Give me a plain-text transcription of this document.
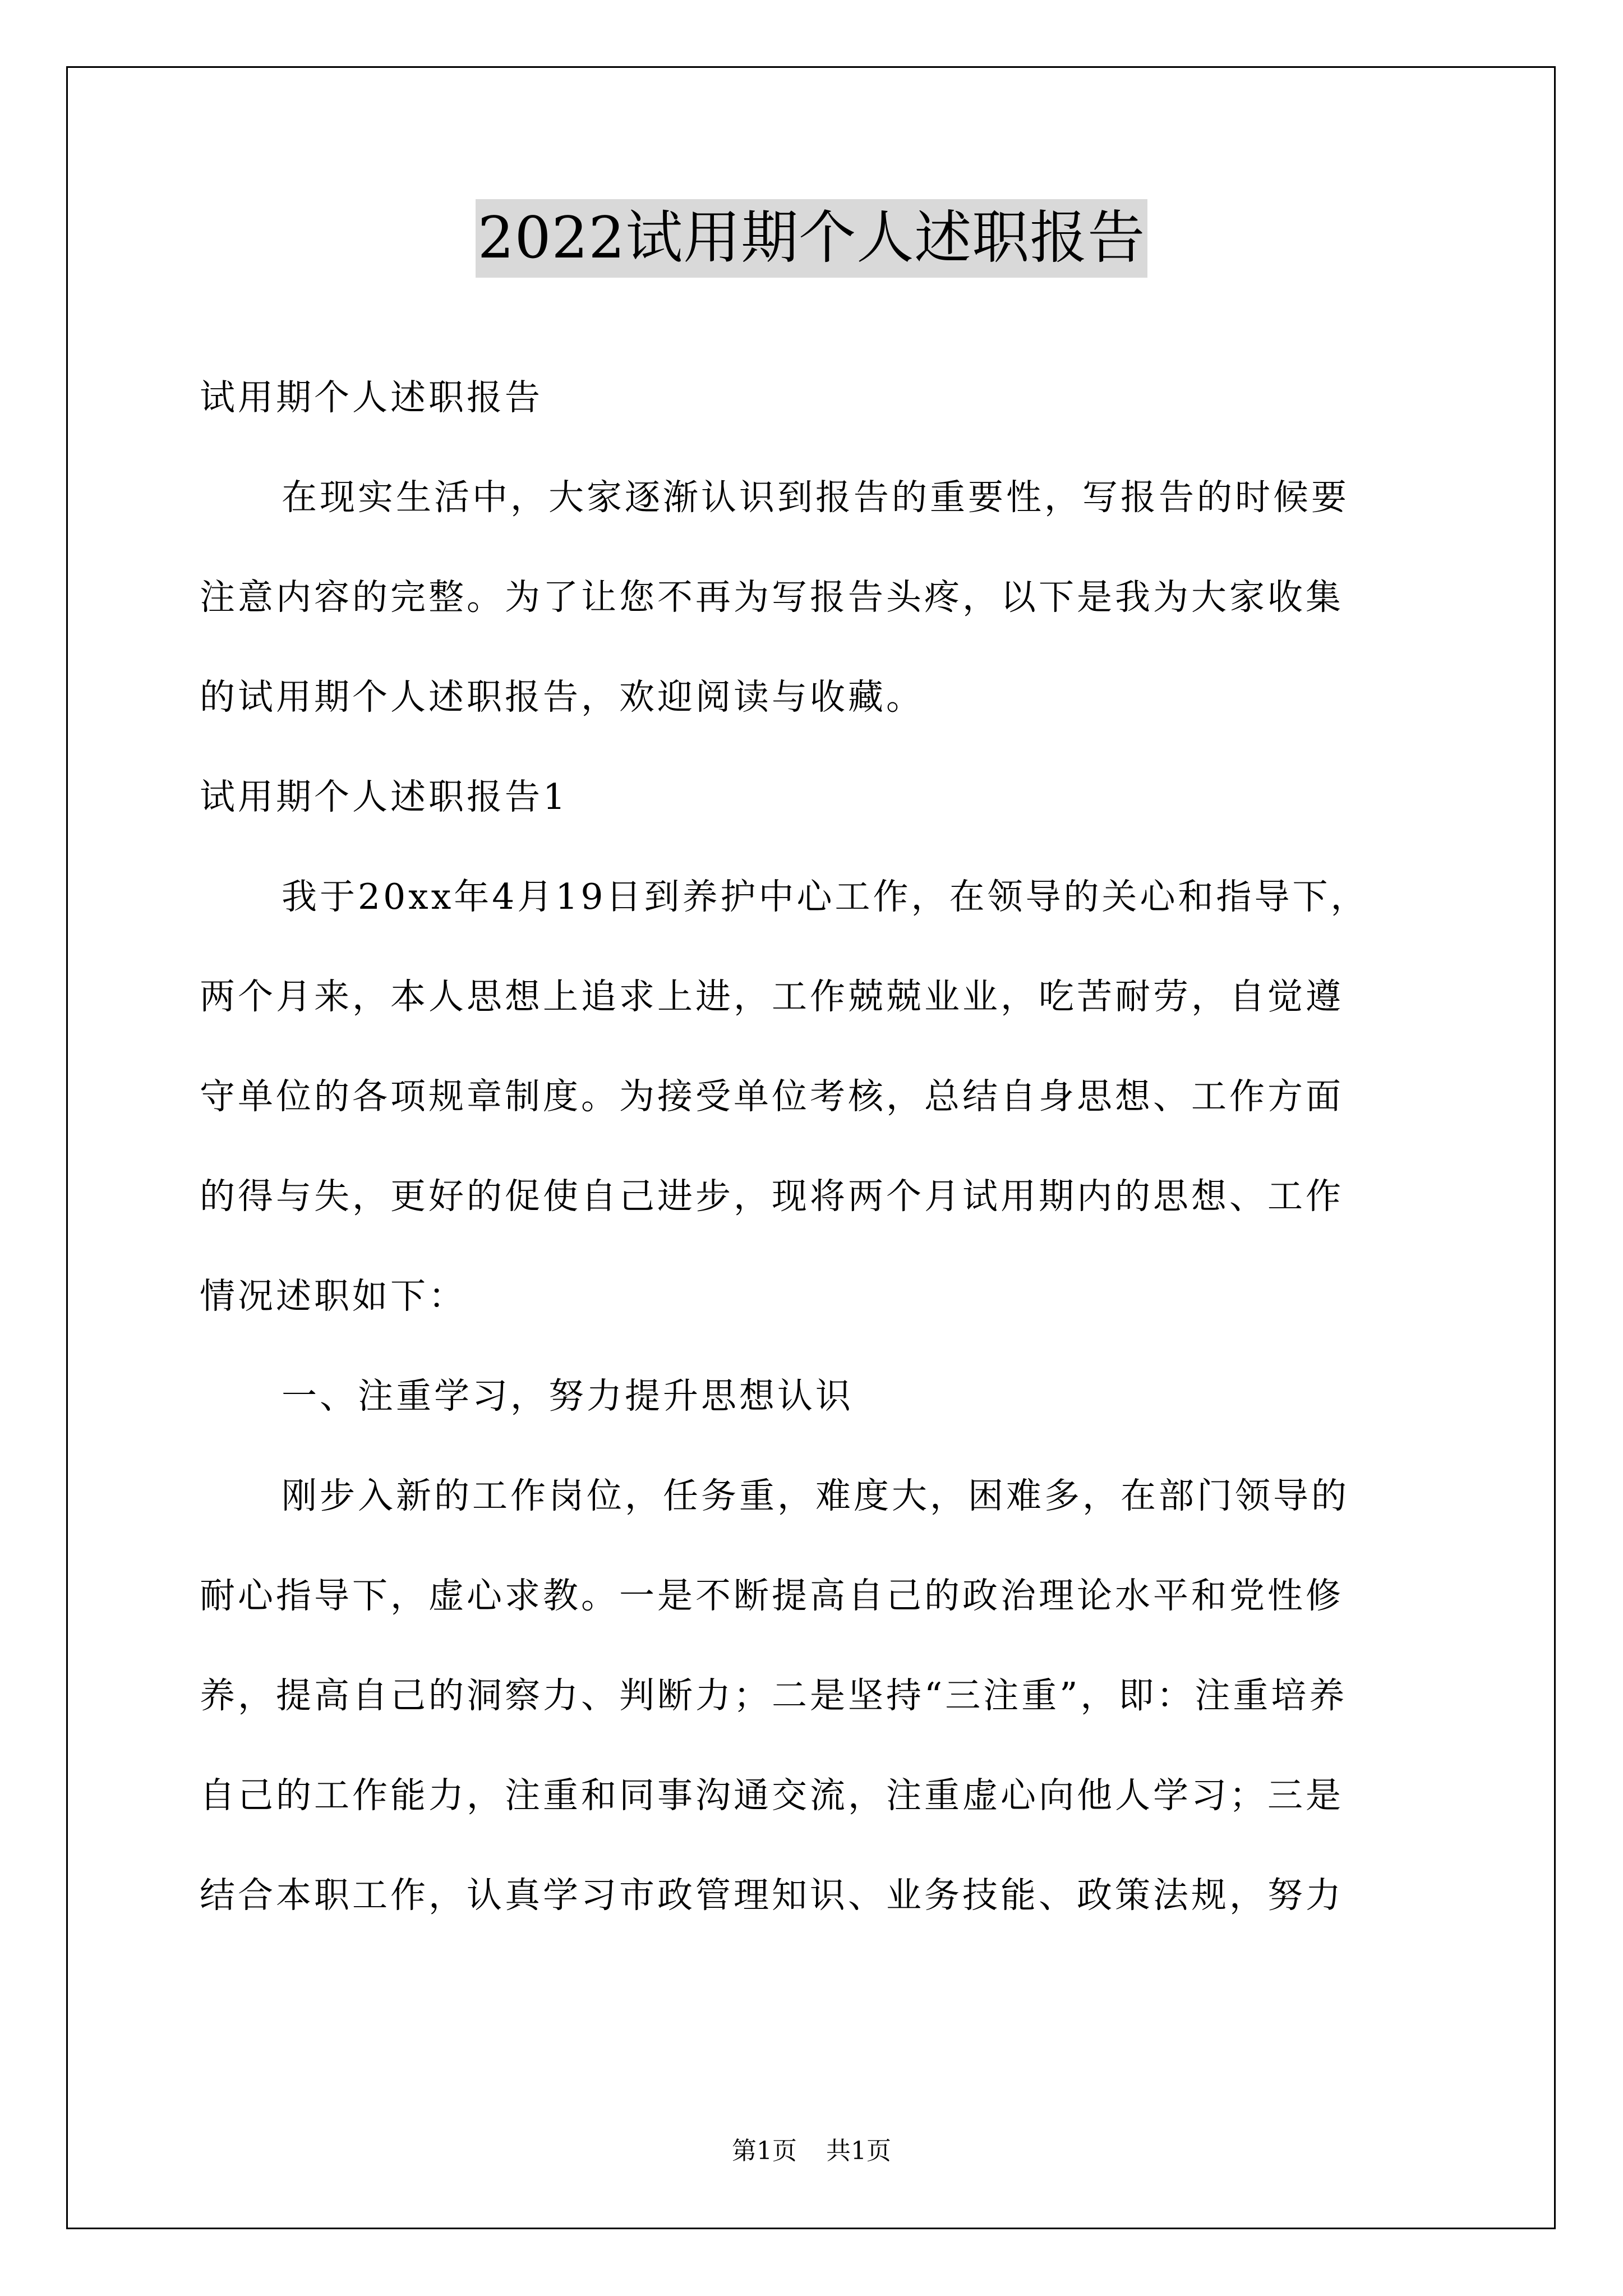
2022试用期个人述职报告
试用期个人述职报告
在现实生活中，大家逐渐认识到报告的重要性，写报告的时候要
注意内容的完整。为了让您不再为写报告头疼，以下是我为大家收集
的试用期个人述职报告，欢迎阅读与收藏。
试用期个人述职报告1
我于20xx年4月19日到养护中心工作，在领导的关心和指导下，
两个月来，本人思想上追求上进，工作兢兢业业，吃苦耐劳，自觉遵
守单位的各项规章制度。为接受单位考核，总结自身思想、工作方面
的得与失，更好的促使自己进步，现将两个月试用期内的思想、工作
情况述职如下：
一、注重学习，努力提升思想认识
刚步入新的工作岗位，任务重，难度大，困难多，在部门领导的
耐心指导下，虚心求教。一是不断提高自己的政治理论水平和党性修
养，提高自己的洞察力、判断力；二是坚持“三注重”，即：注重培养
自己的工作能力，注重和同事沟通交流，注重虚心向他人学习；三是
结合本职工作，认真学习市政管理知识、业务技能、政策法规，努力
第1页 共1页
